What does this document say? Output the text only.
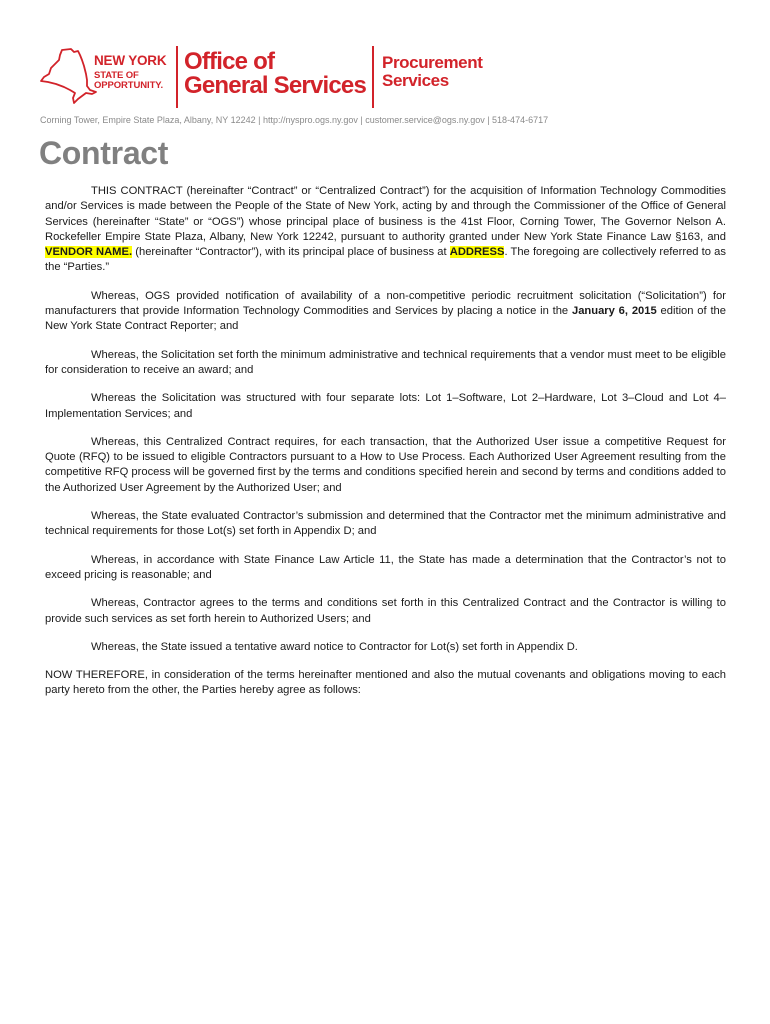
NEW YORK
STATE OF
OPPORTUNITY.
Office of
General Services
Procurement
Services
Corning Tower, Empire State Plaza, Albany, NY 12242 | http://nyspro.ogs.ny.gov | customer.service@ogs.ny.gov | 518-474-6717
Contract

THIS CONTRACT (hereinafter “Contract” or “Centralized Contract”) for the acquisition of Information Technology Commodities and/or Services is made between the People of the State of New York, acting by and through the Commissioner of the Office of General Services (hereinafter “State” or “OGS”) whose principal place of business is the 41st Floor, Corning Tower, The Governor Nelson A. Rockefeller Empire State Plaza, Albany, New York 12242, pursuant to authority granted under New York State Finance Law §163, and VENDOR NAME. (hereinafter “Contractor”), with its principal place of business at ADDRESS. The foregoing are collectively referred to as the “Parties.”

Whereas, OGS provided notification of availability of a non-competitive periodic recruitment solicitation (“Solicitation”) for manufacturers that provide Information Technology Commodities and Services by placing a notice in the January 6, 2015 edition of the New York State Contract Reporter; and

Whereas, the Solicitation set forth the minimum administrative and technical requirements that a vendor must meet to be eligible for consideration to receive an award; and

Whereas the Solicitation was structured with four separate lots: Lot 1–Software, Lot 2–Hardware, Lot 3–Cloud and Lot 4–Implementation Services; and

Whereas, this Centralized Contract requires, for each transaction, that the Authorized User issue a competitive Request for Quote (RFQ) to be issued to eligible Contractors pursuant to a How to Use Process. Each Authorized User Agreement resulting from the competitive RFQ process will be governed first by the terms and conditions specified herein and second by terms and conditions added to the Authorized User Agreement by the Authorized User; and

Whereas, the State evaluated Contractor’s submission and determined that the Contractor met the minimum administrative and technical requirements for those Lot(s) set forth in Appendix D; and

Whereas, in accordance with State Finance Law Article 11, the State has made a determination that the Contractor’s not to exceed pricing is reasonable; and

Whereas, Contractor agrees to the terms and conditions set forth in this Centralized Contract and the Contractor is willing to provide such services as set forth herein to Authorized Users; and

Whereas, the State issued a tentative award notice to Contractor for Lot(s) set forth in Appendix D.

NOW THEREFORE, in consideration of the terms hereinafter mentioned and also the mutual covenants and obligations moving to each party hereto from the other, the Parties hereby agree as follows:
